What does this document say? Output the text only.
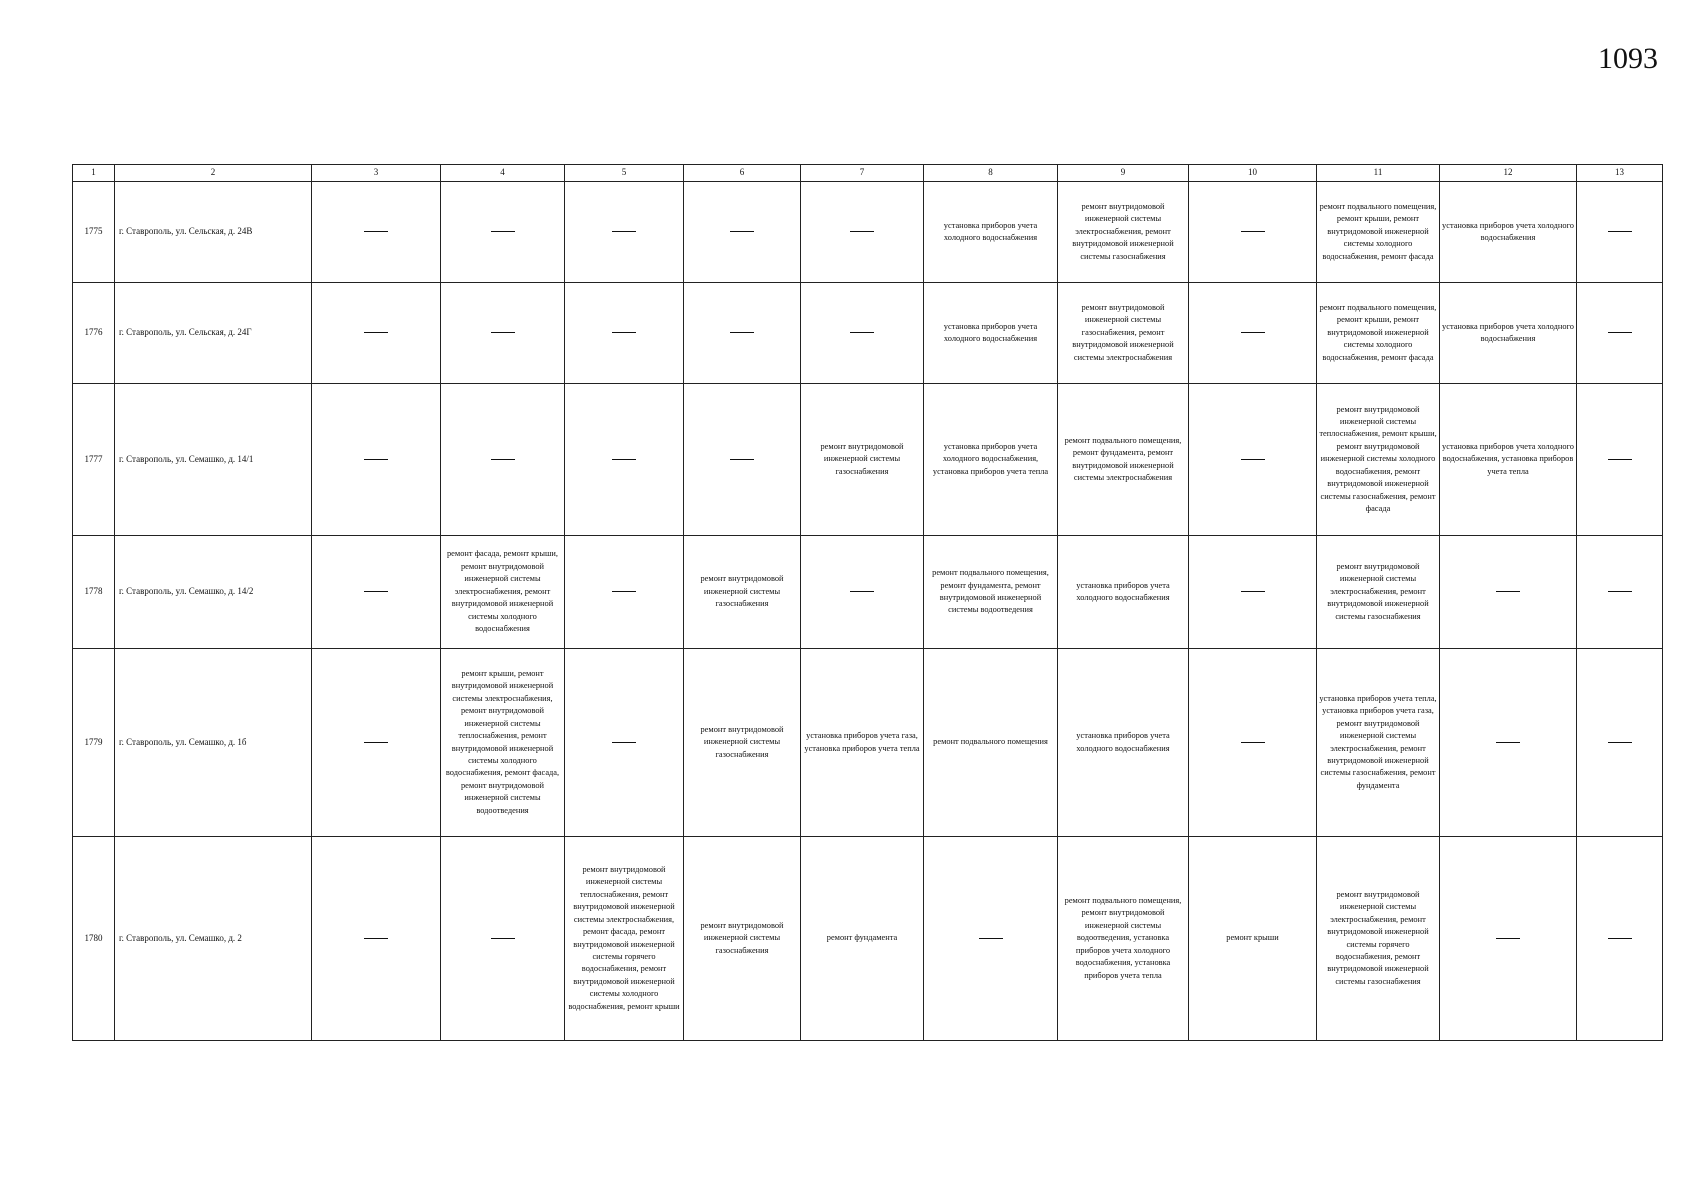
1093
1	2	3	4	5	6	7	8	9	10	11	12	13
1775	г. Ставрополь, ул. Сельская, д. 24В						установка приборов учета холодного водоснабжения	ремонт внутридомовой инженерной системы электроснабжения, ремонт внутридомовой инженерной системы газоснабжения		ремонт подвального помещения, ремонт крыши, ремонт внутридомовой инженерной системы холодного водоснабжения, ремонт фасада	установка приборов учета холодного водоснабжения	
1776	г. Ставрополь, ул. Сельская, д. 24Г						установка приборов учета холодного водоснабжения	ремонт внутридомовой инженерной системы газоснабжения, ремонт внутридомовой инженерной системы электроснабжения		ремонт подвального помещения, ремонт крыши, ремонт внутридомовой инженерной системы холодного водоснабжения, ремонт фасада	установка приборов учета холодного водоснабжения	
1777	г. Ставрополь, ул. Семашко, д. 14/1					ремонт внутридомовой инженерной системы газоснабжения	установка приборов учета холодного водоснабжения, установка приборов учета тепла	ремонт подвального помещения, ремонт фундамента, ремонт внутридомовой инженерной системы электроснабжения		ремонт внутридомовой инженерной системы теплоснабжения, ремонт крыши, ремонт внутридомовой инженерной системы холодного водоснабжения, ремонт внутридомовой инженерной системы газоснабжения, ремонт фасада	установка приборов учета холодного водоснабжения, установка приборов учета тепла	
1778	г. Ставрополь, ул. Семашко, д. 14/2		ремонт фасада, ремонт крыши, ремонт внутридомовой инженерной системы электроснабжения, ремонт внутридомовой инженерной системы холодного водоснабжения		ремонт внутридомовой инженерной системы газоснабжения		ремонт подвального помещения, ремонт фундамента, ремонт внутридомовой инженерной системы водоотведения	установка приборов учета холодного водоснабжения		ремонт внутридомовой инженерной системы электроснабжения, ремонт внутридомовой инженерной системы газоснабжения		
1779	г. Ставрополь, ул. Семашко, д. 1б		ремонт крыши, ремонт внутридомовой инженерной системы электроснабжения, ремонт внутридомовой инженерной системы теплоснабжения, ремонт внутридомовой инженерной системы холодного водоснабжения, ремонт фасада, ремонт внутридомовой инженерной системы водоотведения		ремонт внутридомовой инженерной системы газоснабжения	установка приборов учета газа, установка приборов учета тепла	ремонт подвального помещения	установка приборов учета холодного водоснабжения		установка приборов учета тепла, установка приборов учета газа, ремонт внутридомовой инженерной системы электроснабжения, ремонт внутридомовой инженерной системы газоснабжения, ремонт фундамента		
1780	г. Ставрополь, ул. Семашко, д. 2			ремонт внутридомовой инженерной системы теплоснабжения, ремонт внутридомовой инженерной системы электроснабжения, ремонт фасада, ремонт внутридомовой инженерной системы горячего водоснабжения, ремонт внутридомовой инженерной системы холодного водоснабжения, ремонт крыши	ремонт внутридомовой инженерной системы газоснабжения	ремонт фундамента		ремонт подвального помещения, ремонт внутридомовой инженерной системы водоотведения, установка приборов учета холодного водоснабжения, установка приборов учета тепла	ремонт крыши	ремонт внутридомовой инженерной системы электроснабжения, ремонт внутридомовой инженерной системы горячего водоснабжения, ремонт внутридомовой инженерной системы газоснабжения		
